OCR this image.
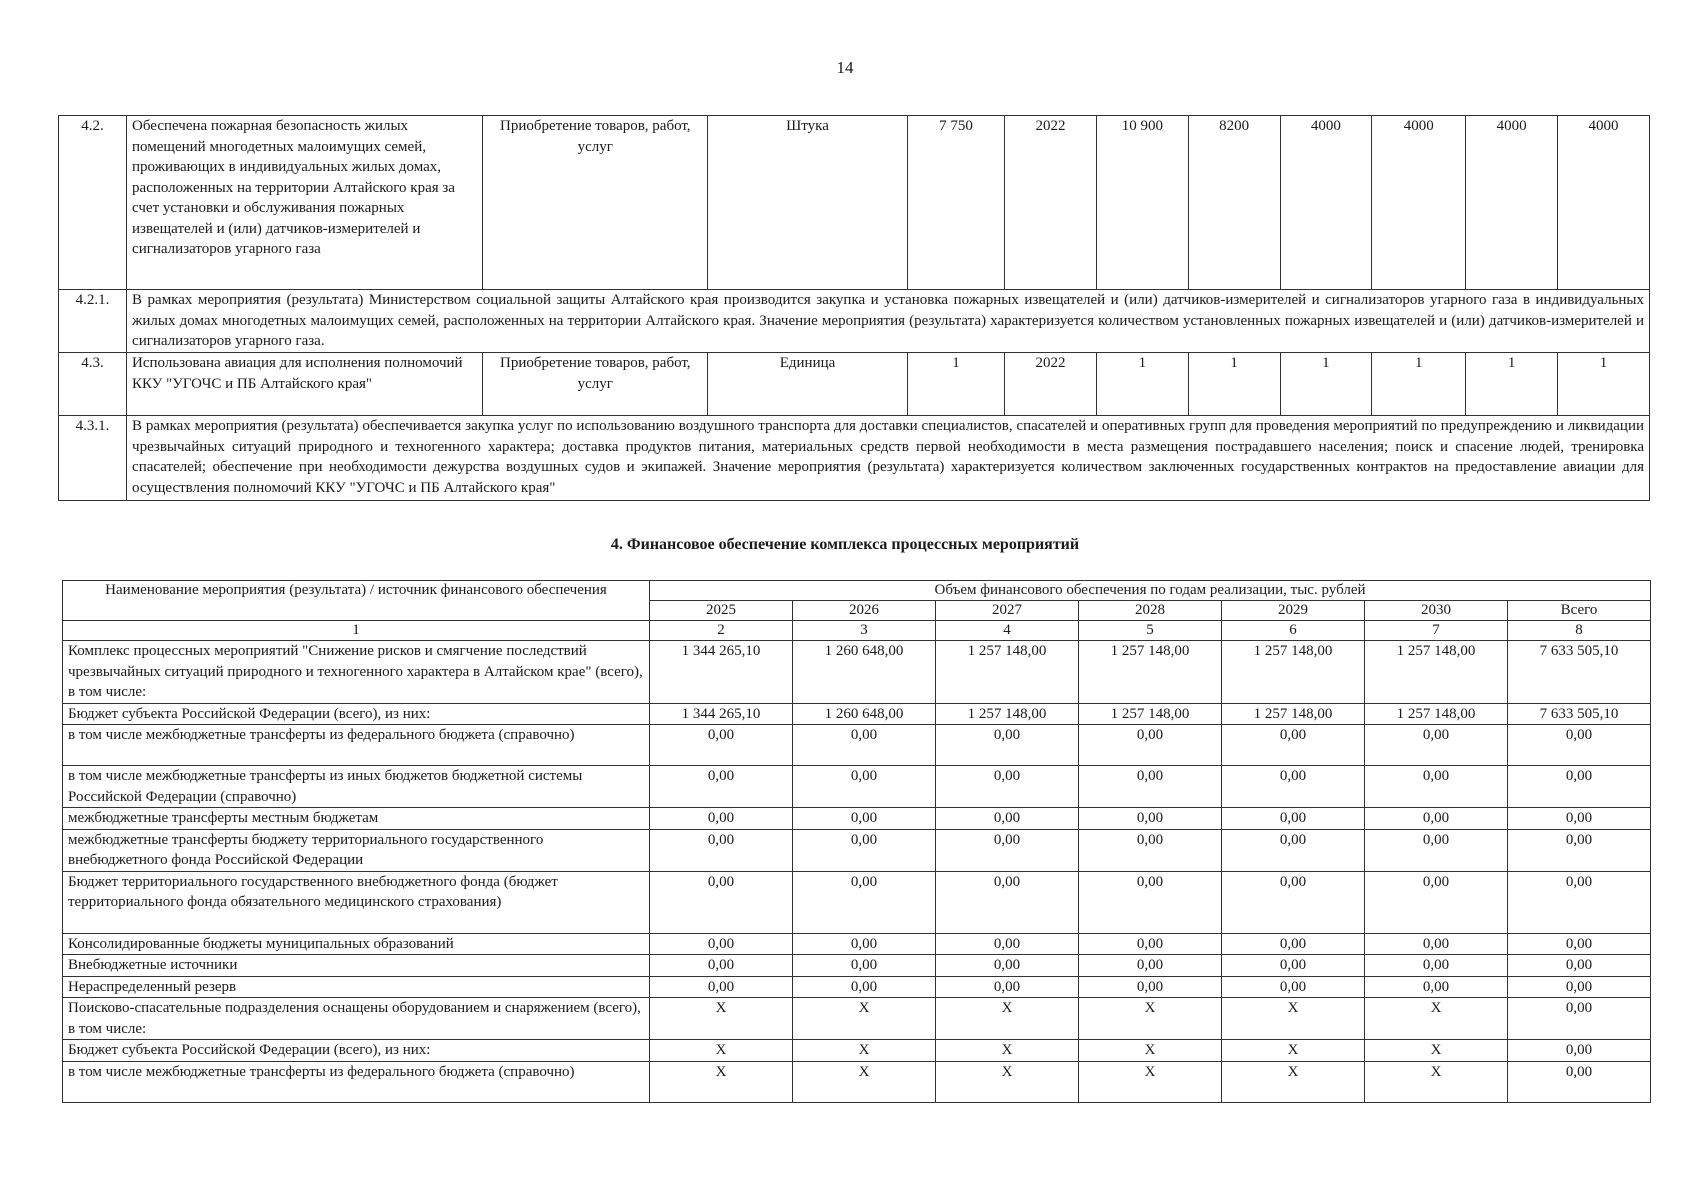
14
4.2.	Обеспечена пожарная безопасность жилых помещений многодетных малоимущих семей, проживающих в индивидуальных жилых домах, расположенных на территории Алтайского края за счет установки и обслуживания пожарных извещателей и (или) датчиков-измерителей и сигнализаторов угарного газа	Приобретение товаров, работ, услуг	Штука	7 750	2022	10 900	8200	4000	4000	4000	4000
4.2.1.	В рамках мероприятия (результата) Министерством социальной защиты Алтайского края производится закупка и установка пожарных извещателей и (или) датчиков-измерителей и сигнализаторов угарного газа в индивидуальных жилых домах многодетных малоимущих семей, расположенных на территории Алтайского края. Значение мероприятия (результата) характеризуется количеством установленных пожарных извещателей и (или) датчиков-измерителей и сигнализаторов угарного газа.										
4.3.	Использована авиация для исполнения полномочий ККУ "УГОЧС и ПБ Алтайского края"	Приобретение товаров, работ, услуг	Единица	1	2022	1	1	1	1	1	1
4.3.1.	В рамках мероприятия (результата) обеспечивается закупка услуг по использованию воздушного транспорта для доставки специалистов, спасателей и оперативных групп для проведения мероприятий по предупреждению и ликвидации чрезвычайных ситуаций природного и техногенного характера; доставка продуктов питания, материальных средств первой необходимости в места размещения пострадавшего населения; поиск и спасение людей, тренировка спасателей; обеспечение при необходимости дежурства воздушных судов и экипажей. Значение мероприятия (результата) характеризуется количеством заключенных государственных контрактов на предоставление авиации для осуществления полномочий ККУ "УГОЧС и ПБ Алтайского края"										
4. Финансовое обеспечение комплекса процессных мероприятий
Наименование мероприятия (результата) / источник финансового обеспечения	Объем финансового обеспечения по годам реализации, тыс. рублей						
	2025	2026	2027	2028	2029	2030	Всего
1	2	3	4	5	6	7	8
Комплекс процессных мероприятий "Снижение рисков и смягчение последствий чрезвычайных ситуаций природного и техногенного характера в Алтайском крае" (всего), в том числе:	1 344 265,10	1 260 648,00	1 257 148,00	1 257 148,00	1 257 148,00	1 257 148,00	7 633 505,10
Бюджет субъекта Российской Федерации (всего), из них:	1 344 265,10	1 260 648,00	1 257 148,00	1 257 148,00	1 257 148,00	1 257 148,00	7 633 505,10
в том числе межбюджетные трансферты из федерального бюджета (справочно)	0,00	0,00	0,00	0,00	0,00	0,00	0,00
в том числе межбюджетные трансферты из иных бюджетов бюджетной системы Российской Федерации (справочно)	0,00	0,00	0,00	0,00	0,00	0,00	0,00
межбюджетные трансферты местным бюджетам	0,00	0,00	0,00	0,00	0,00	0,00	0,00
межбюджетные трансферты бюджету территориального государственного внебюджетного фонда Российской Федерации	0,00	0,00	0,00	0,00	0,00	0,00	0,00
Бюджет территориального государственного внебюджетного фонда (бюджет территориального фонда обязательного медицинского страхования)	0,00	0,00	0,00	0,00	0,00	0,00	0,00
Консолидированные бюджеты муниципальных образований	0,00	0,00	0,00	0,00	0,00	0,00	0,00
Внебюджетные источники	0,00	0,00	0,00	0,00	0,00	0,00	0,00
Нераспределенный резерв	0,00	0,00	0,00	0,00	0,00	0,00	0,00
Поисково-спасательные подразделения оснащены оборудованием и снаряжением (всего), в том числе:	X	X	X	X	X	X	0,00
Бюджет субъекта Российской Федерации (всего), из них:	X	X	X	X	X	X	0,00
в том числе межбюджетные трансферты из федерального бюджета (справочно)	X	X	X	X	X	X	0,00
